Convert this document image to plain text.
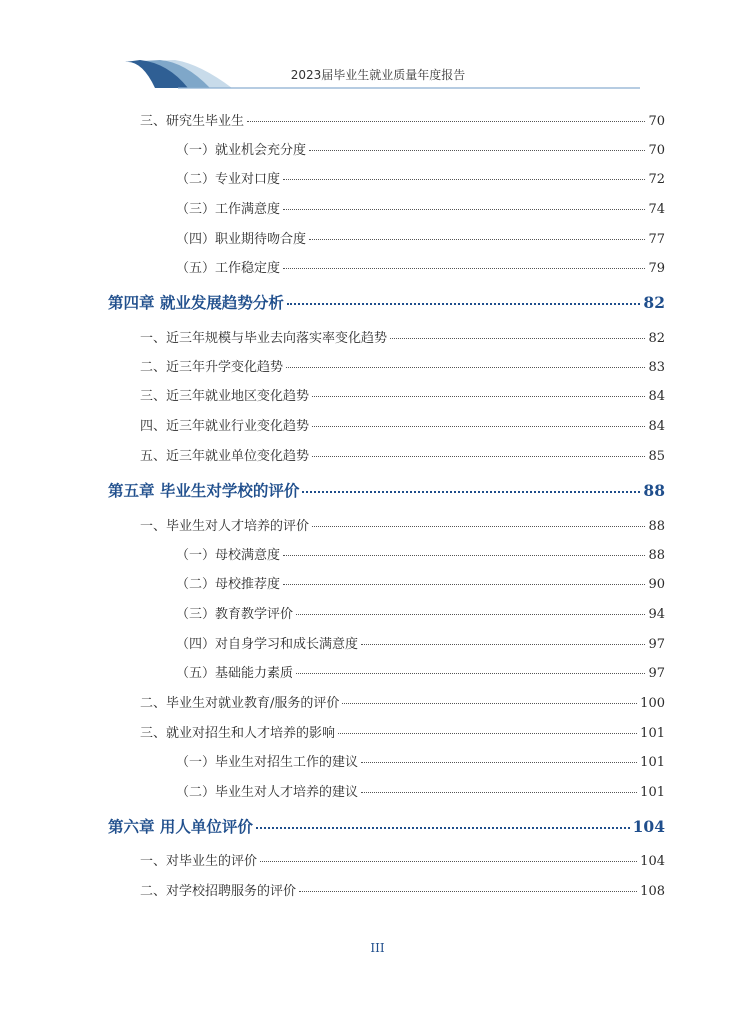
2023届毕业生就业质量年度报告
三、研究生毕业生	70
（一）就业机会充分度	70
（二）专业对口度	72
（三）工作满意度	74
（四）职业期待吻合度	77
（五）工作稳定度	79
第四章 就业发展趋势分析	82
一、近三年规模与毕业去向落实率变化趋势	82
二、近三年升学变化趋势	83
三、近三年就业地区变化趋势	84
四、近三年就业行业变化趋势	84
五、近三年就业单位变化趋势	85
第五章 毕业生对学校的评价	88
一、毕业生对人才培养的评价	88
（一）母校满意度	88
（二）母校推荐度	90
（三）教育教学评价	94
（四）对自身学习和成长满意度	97
（五）基础能力素质	97
二、毕业生对就业教育/服务的评价	100
三、就业对招生和人才培养的影响	101
（一）毕业生对招生工作的建议	101
（二）毕业生对人才培养的建议	101
第六章 用人单位评价	104
一、对毕业生的评价	104
二、对学校招聘服务的评价	108
III
